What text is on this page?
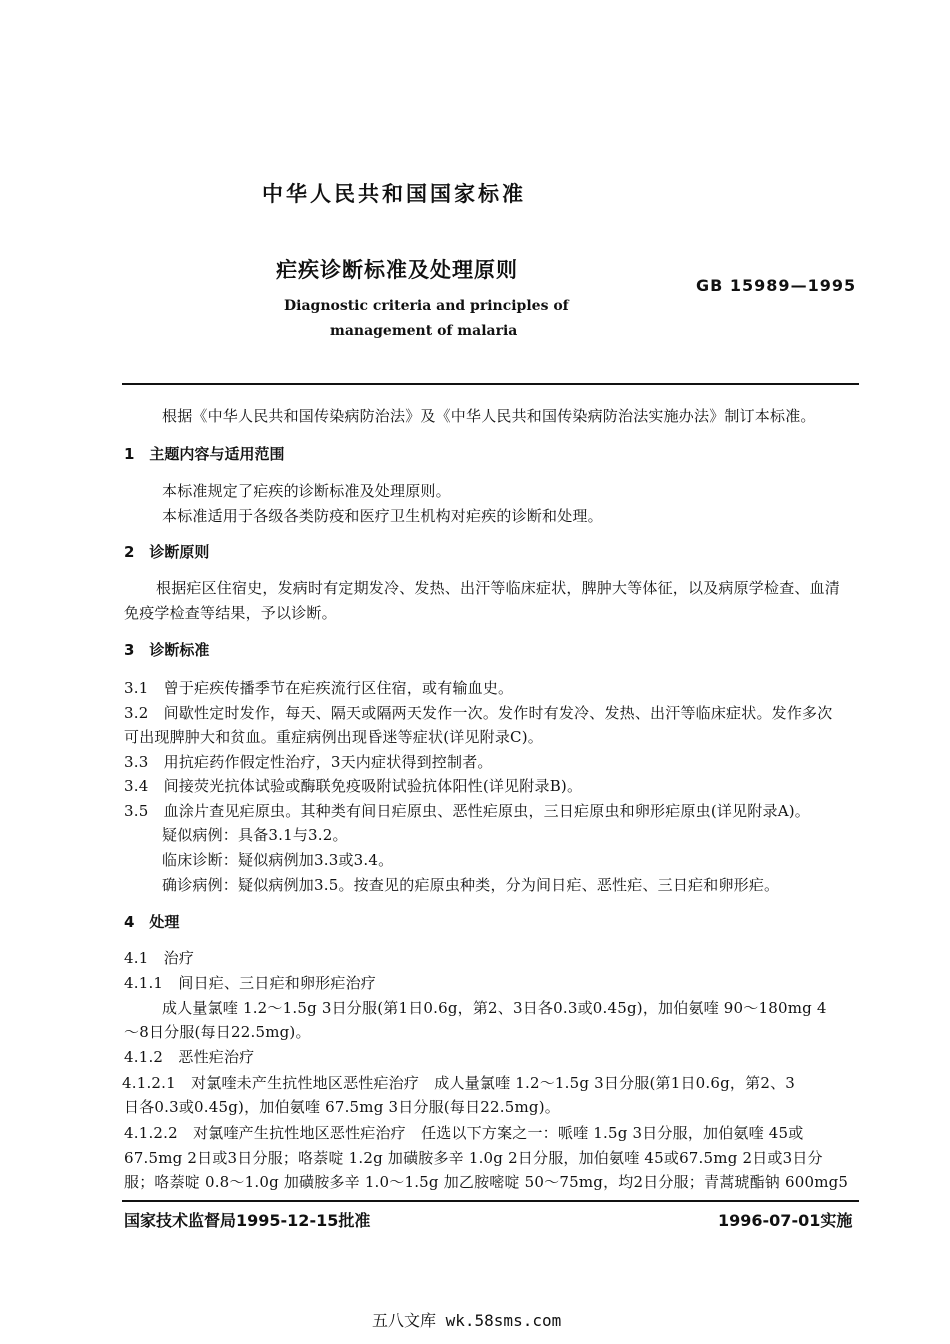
中华人民共和国国家标准
疟疾诊断标准及处理原则
GB 15989—1995
Diagnostic criteria and principles of
management of malaria
根据《中华人民共和国传染病防治法》及《中华人民共和国传染病防治法实施办法》制订本标准。
1　主题内容与适用范围
本标准规定了疟疾的诊断标准及处理原则。
本标准适用于各级各类防疫和医疗卫生机构对疟疾的诊断和处理。
2　诊断原则
根据疟区住宿史，发病时有定期发冷、发热、出汗等临床症状，脾肿大等体征，以及病原学检查、血清
免疫学检查等结果，予以诊断。
3　诊断标准
3.1　曾于疟疾传播季节在疟疾流行区住宿，或有输血史。
3.2　间歇性定时发作，每天、隔天或隔两天发作一次。发作时有发冷、发热、出汗等临床症状。发作多次
可出现脾肿大和贫血。重症病例出现昏迷等症状(详见附录C)。
3.3　用抗疟药作假定性治疗，3天内症状得到控制者。
3.4　间接荧光抗体试验或酶联免疫吸附试验抗体阳性(详见附录B)。
3.5　血涂片查见疟原虫。其种类有间日疟原虫、恶性疟原虫，三日疟原虫和卵形疟原虫(详见附录A)。
疑似病例：具备3.1与3.2。
临床诊断：疑似病例加3.3或3.4。
确诊病例：疑似病例加3.5。按查见的疟原虫种类，分为间日疟、恶性疟、三日疟和卵形疟。
4　处理
4.1　治疗
4.1.1　间日疟、三日疟和卵形疟治疗
成人量氯喹 1.2～1.5g 3日分服(第1日0.6g，第2、3日各0.3或0.45g)，加伯氨喹 90～180mg 4
～8日分服(每日22.5mg)。
4.1.2　恶性疟治疗
4.1.2.1　对氯喹未产生抗性地区恶性疟治疗　成人量氯喹 1.2～1.5g 3日分服(第1日0.6g，第2、3
日各0.3或0.45g)，加伯氨喹 67.5mg 3日分服(每日22.5mg)。
4.1.2.2　对氯喹产生抗性地区恶性疟治疗　任选以下方案之一：哌喹 1.5g 3日分服，加伯氨喹 45或
67.5mg 2日或3日分服；咯萘啶 1.2g 加磺胺多辛 1.0g 2日分服，加伯氨喹 45或67.5mg 2日或3日分
服；咯萘啶 0.8～1.0g 加磺胺多辛 1.0～1.5g 加乙胺嘧啶 50～75mg，均2日分服；青蒿琥酯钠 600mg5
国家技术监督局1995-12-15批准	1996-07-01实施
五八文库 wk.58sms.com
